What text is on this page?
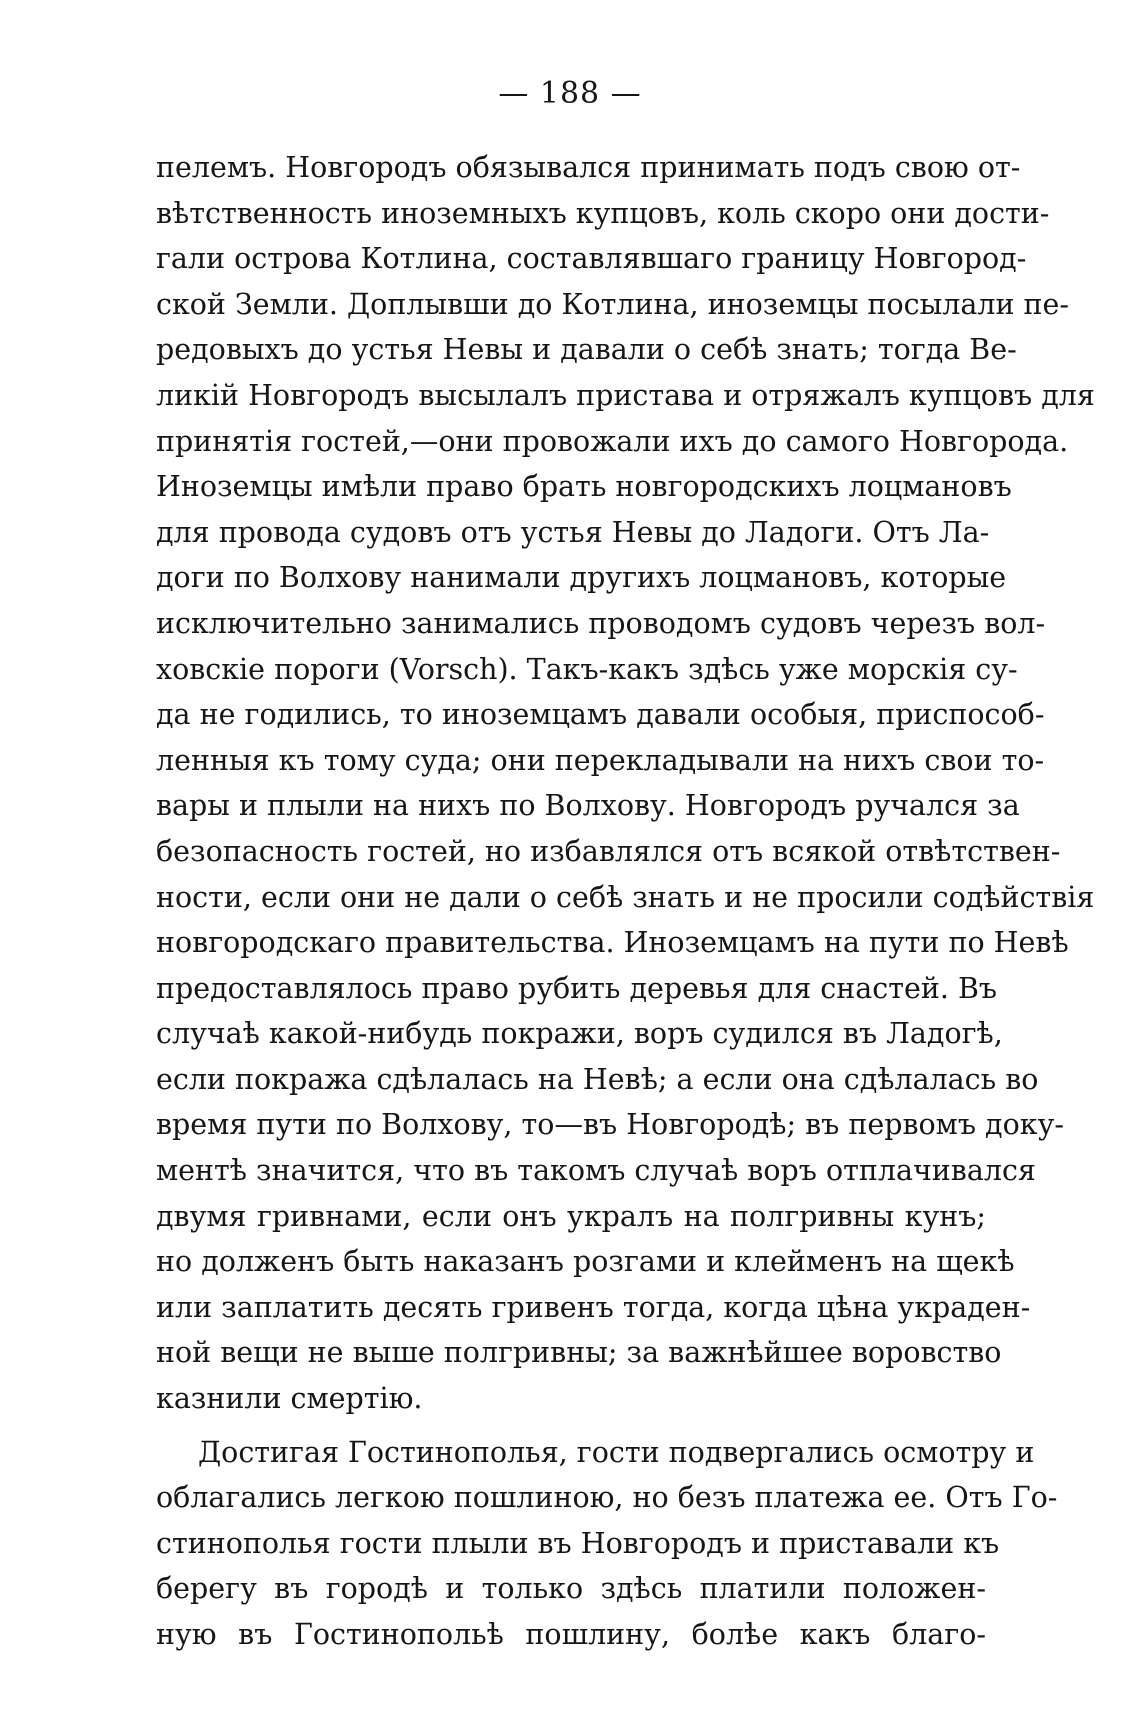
— 188 —
пелемъ. Новгородъ обязывался принимать подъ свою от-
вѣтственность иноземныхъ купцовъ, коль скоро они дости-
гали острова Котлина, составлявшаго границу Новгород-
ской Земли. Доплывши до Котлина, иноземцы посылали пе-
редовыхъ до устья Невы и давали о себѣ знать; тогда Ве-
ликій Новгородъ высылалъ пристава и отряжалъ купцовъ для
принятія гостей,—они провожали ихъ до самого Новгорода.
Иноземцы имѣли право брать новгородскихъ лоцмановъ
для провода судовъ отъ устья Невы до Ладоги. Отъ Ла-
доги по Волхову нанимали другихъ лоцмановъ, которые
исключительно занимались проводомъ судовъ черезъ вол-
ховскіе пороги (Vorsch). Такъ-какъ здѣсь уже морскія су-
да не годились, то иноземцамъ давали особыя, приспособ-
ленныя къ тому суда; они перекладывали на нихъ свои то-
вары и плыли на нихъ по Волхову. Новгородъ ручался за
безопасность гостей, но избавлялся отъ всякой отвѣтствен-
ности, если они не дали о себѣ знать и не просили содѣйствія
новгородскаго правительства. Иноземцамъ на пути по Невѣ
предоставлялось право рубить деревья для снастей. Въ
случаѣ какой-нибудь покражи, воръ судился въ Ладогѣ,
если покража сдѣлалась на Невѣ; а если она сдѣлалась во
время пути по Волхову, то—въ Новгородѣ; въ первомъ доку-
ментѣ значится, что въ такомъ случаѣ воръ отплачивался
двумя гривнами, если онъ укралъ на полгривны кунъ;
но долженъ быть наказанъ розгами и клейменъ на щекѣ
или заплатить десять гривенъ тогда, когда цѣна украден-
ной вещи не выше полгривны; за важнѣйшее воровство
казнили смертію.
Достигая Гостинополья, гости подвергались осмотру и
облагались легкою пошлиною, но безъ платежа ее. Отъ Го-
стинополья гости плыли въ Новгородъ и приставали къ
берегу въ городѣ и только здѣсь платили положен-
ную въ Гостинопольѣ пошлину, болѣе какъ благо-
